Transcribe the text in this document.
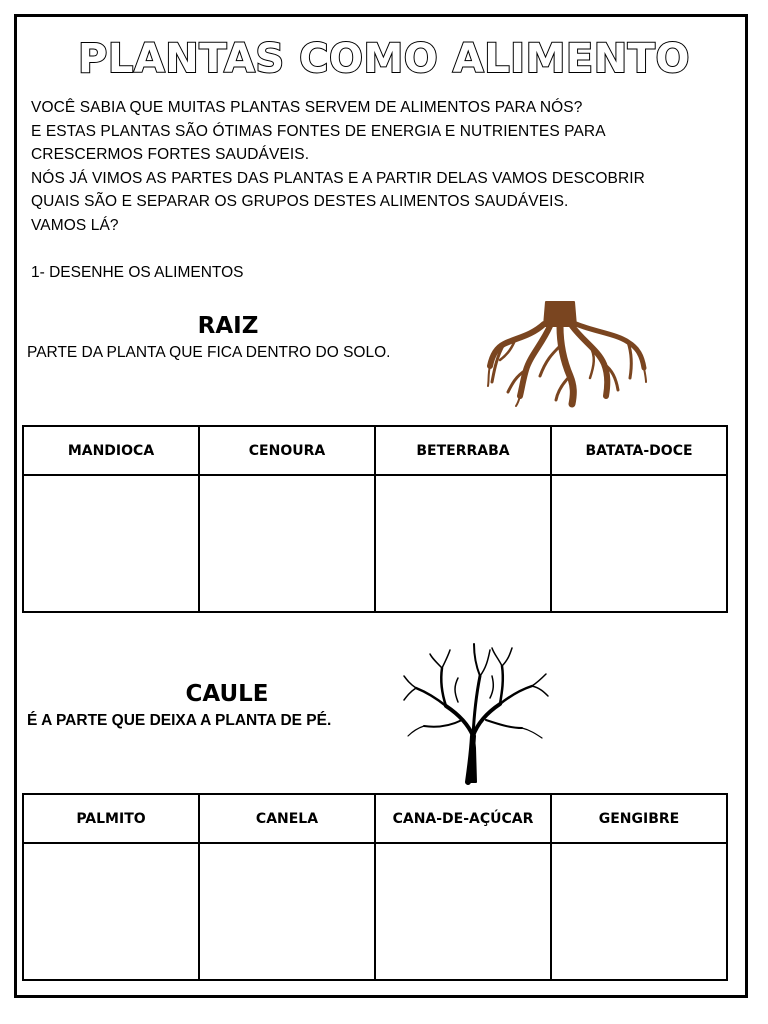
PLANTAS COMO ALIMENTO
VOCÊ SABIA QUE MUITAS PLANTAS SERVEM DE ALIMENTOS PARA NÓS?
E ESTAS PLANTAS SÃO ÓTIMAS FONTES DE ENERGIA E NUTRIENTES PARA
CRESCERMOS FORTES SAUDÁVEIS.
NÓS JÁ VIMOS AS PARTES DAS PLANTAS E A PARTIR DELAS VAMOS DESCOBRIR
QUAIS SÃO E SEPARAR OS GRUPOS DESTES ALIMENTOS SAUDÁVEIS.
VAMOS LÁ?
1- DESENHE OS ALIMENTOS
RAIZ
PARTE DA PLANTA QUE FICA DENTRO DO SOLO.
MANDIOCA	CENOURA	BETERRABA	BATATA-DOCE

CAULE
É A PARTE QUE DEIXA A PLANTA DE PÉ.
PALMITO	CANELA	CANA-DE-AÇÚCAR	GENGIBRE
